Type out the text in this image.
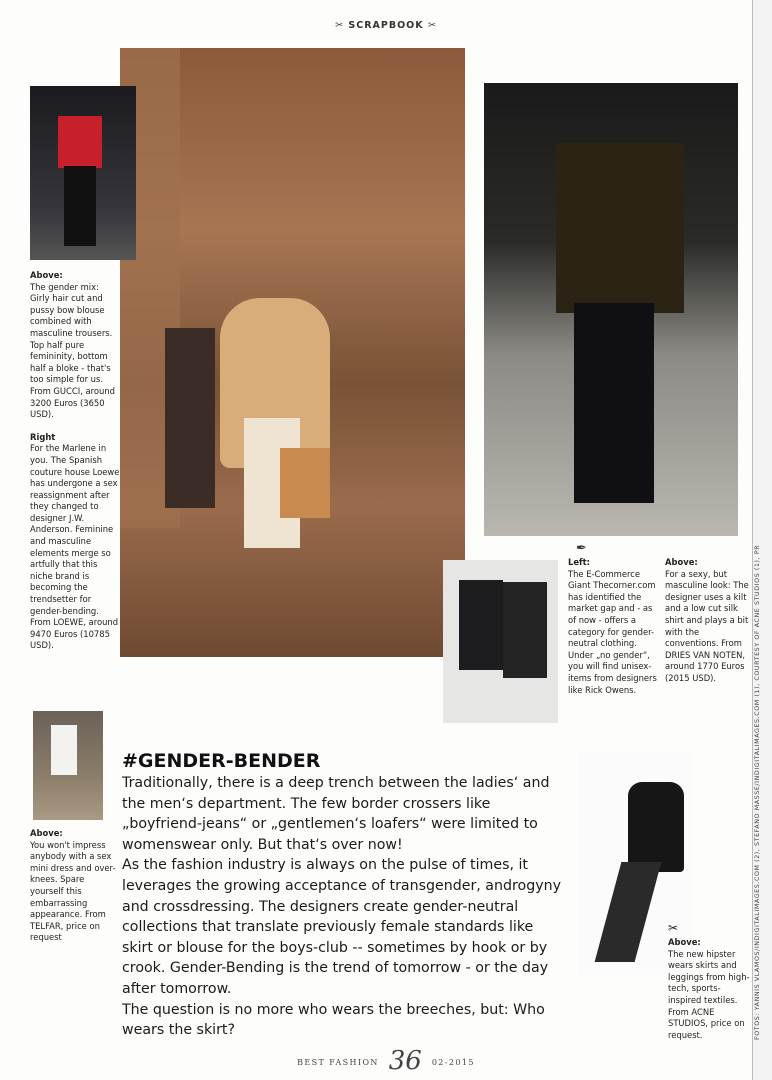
FOTOS: YANNIS VLAMOS/INDIGITALIMAGES.COM (2), STEFANO MASSE/INDIGITALIMAGES.COM (1), COURTESY OF ACNE STUDIOS (1), PR
✂ SCRAPBOOK ✂
Above:

The gender mix: Girly hair cut and pussy bow blouse combined with masculine trousers. Top half pure femininity, bottom half a bloke - that's too simple for us. From GUCCI, around 3200 Euros (3650 USD).

Right

For the Marlene in you. The Spanish couture house Loewe has undergone a sex reassignment after they changed to designer J.W. Anderson. Feminine and masculine elements merge so artfully that this niche brand is becoming the trendsetter for gender-bending. From LOEWE, around 9470 Euros (10785 USD).

✒
Left:

The E-Commerce Giant Thecorner.com has identified the market gap and - as of now - offers a category for gender-neutral clothing. Under „no gender“, you will find unisex-items from designers like Rick Owens.

Above:

For a sexy, but masculine look: The designer uses a kilt and a low cut silk shirt and plays a bit with the conventions. From DRIES VAN NOTEN, around 1770 Euros (2015 USD).

Above:

You won't impress anybody with a sex mini dress and over-knees. Spare yourself this embarrassing appearance. From TELFAR, price on request

✂
Above:

The new hipster wears skirts and leggings from high-tech, sports-inspired textiles. From ACNE STUDIOS, price on request.

#GENDER-BENDER

Traditionally, there is a deep trench between the ladies‘ and the men‘s department. The few border crossers like „boyfriend-jeans“ or „gentlemen‘s loafers“ were limited to womenswear only. But that‘s over now!

As the fashion industry is always on the pulse of times, it leverages the growing acceptance of transgender, androgyny and crossdressing. The designers create gender-neutral collections that translate previously female standards like skirt or blouse for the boys-club -- sometimes by hook or by crook. Gender-Bending is the trend of tomorrow - or the day after tomorrow.

The question is no more who wears the breeches, but: Who wears the skirt?

BEST FASHION 36 02-2015
